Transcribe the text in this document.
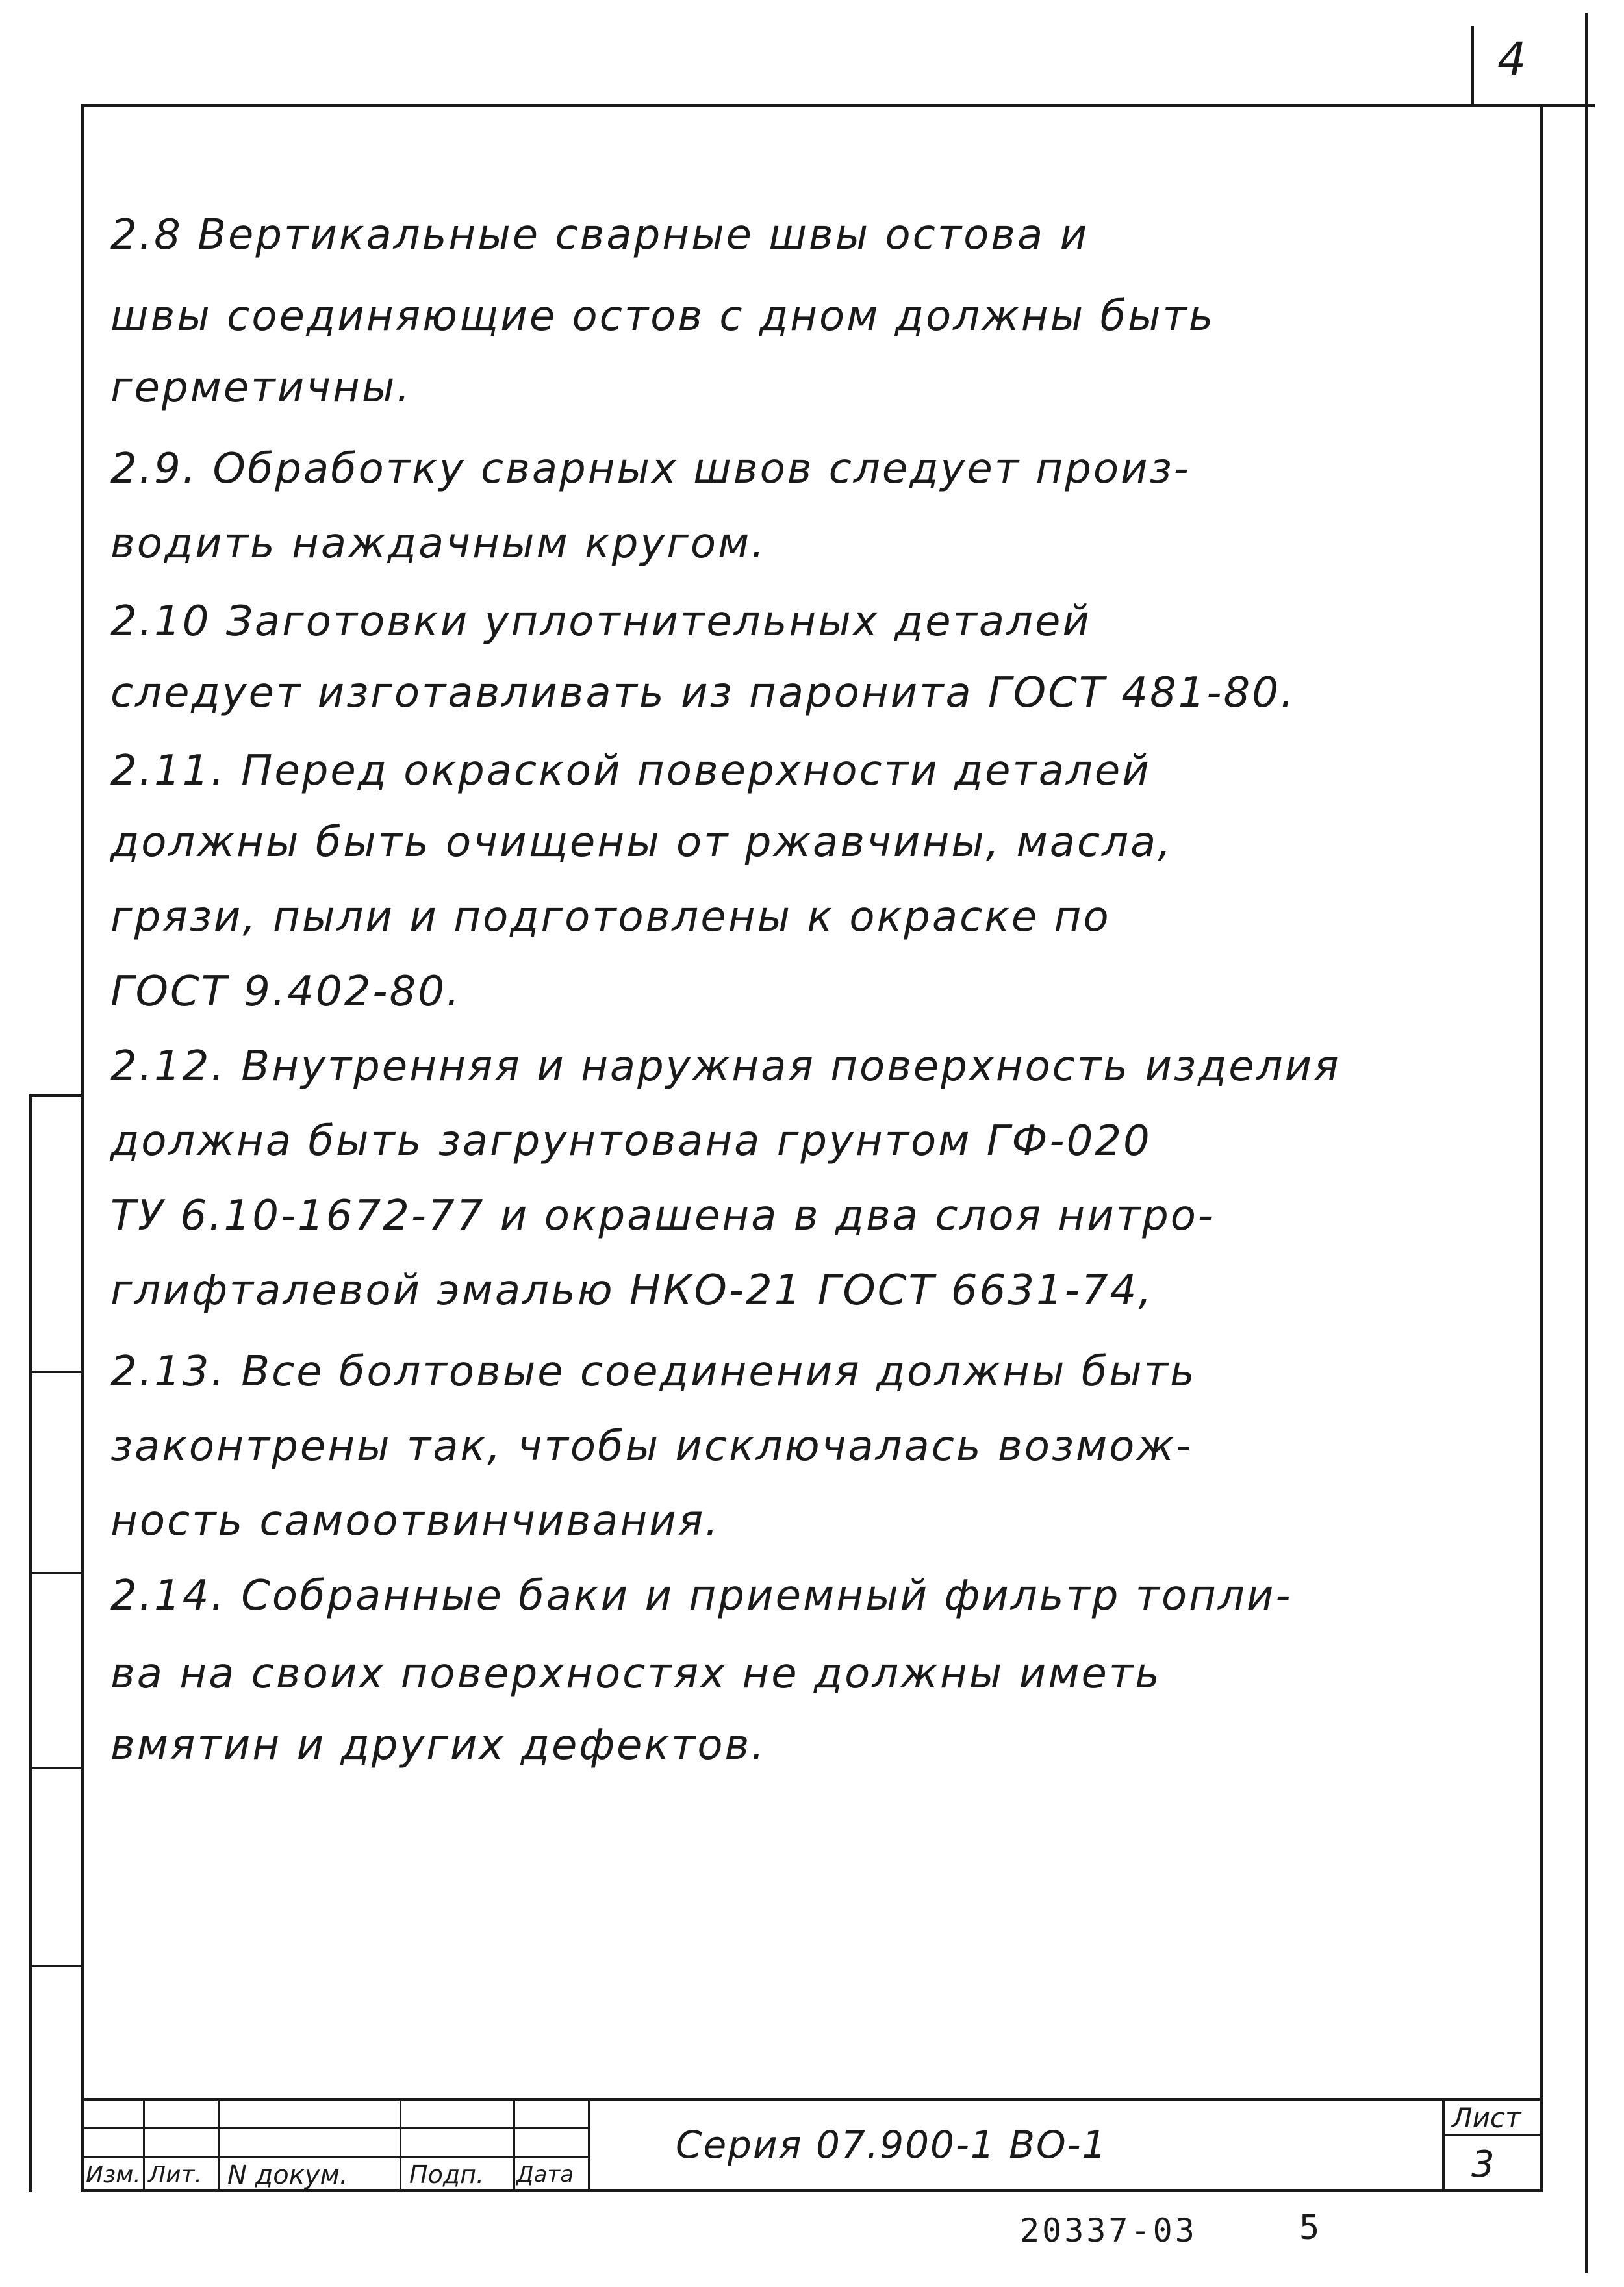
4
2.8 Вертикальные сварные швы остова и
швы соединяющие остов с дном должны быть
герметичны.
2.9. Обработку сварных швов следует произ-
водить наждачным кругом.
2.10 Заготовки уплотнительных деталей
следует изготавливать из паронита ГОСТ 481-80.
2.11. Перед окраской поверхности деталей
должны быть очищены от ржавчины, масла,
грязи, пыли и подготовлены к окраске по
ГОСТ 9.402-80.
2.12. Внутренняя и наружная поверхность изделия
должна быть загрунтована грунтом ГФ-020
ТУ 6.10-1672-77 и окрашена в два слоя нитро-
глифталевой эмалью НКО-21 ГОСТ 6631-74,
2.13. Все болтовые соединения должны быть
законтрены так, чтобы исключалась возмож-
ность самоотвинчивания.
2.14. Собранные баки и приемный фильтр топли-
ва на своих поверхностях не должны иметь
вмятин и других дефектов.
Изм. Лит. N докум. Подп. Дата
Серия 07.900-1 ВО-1
Лист
3
20337-03	5
